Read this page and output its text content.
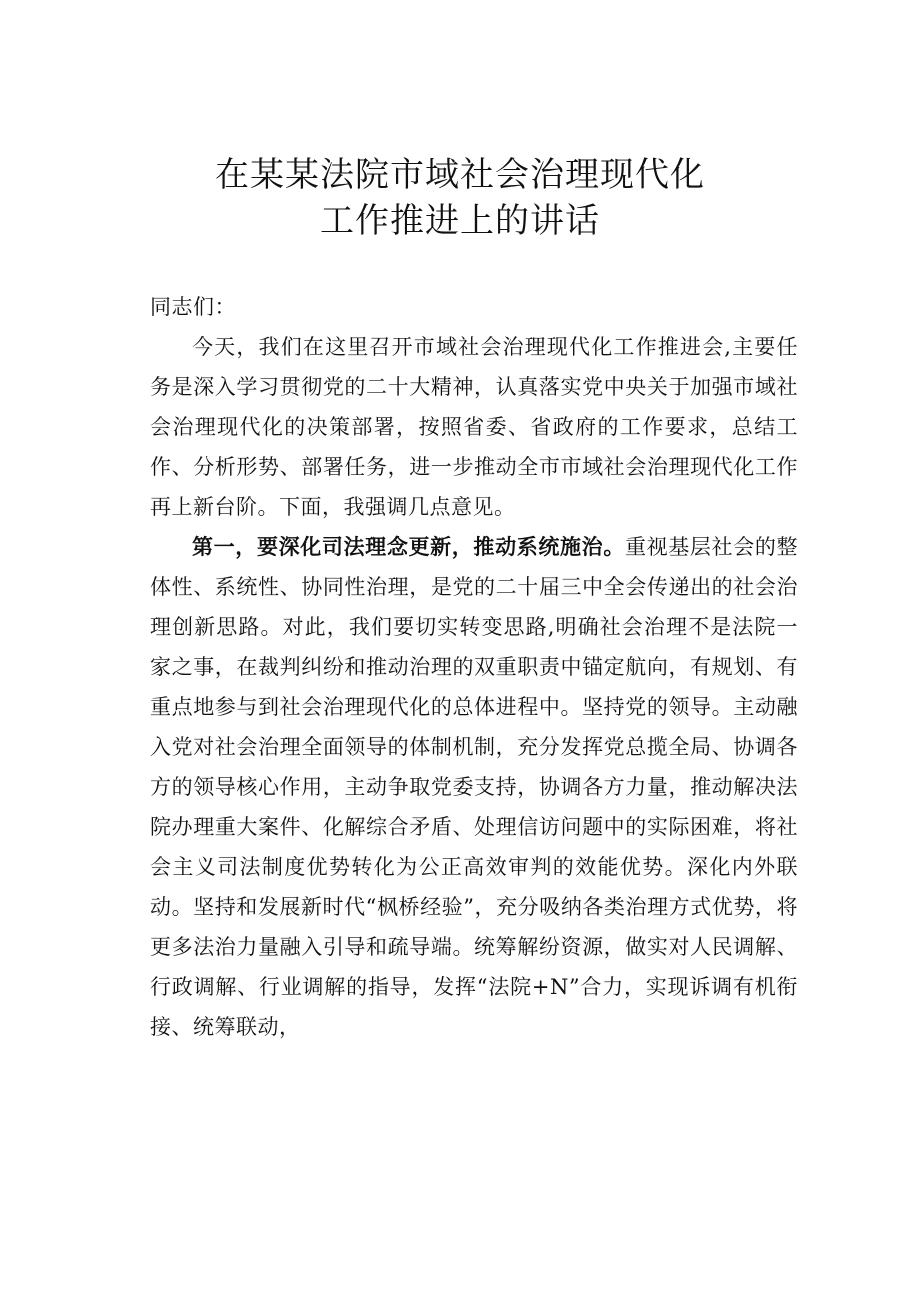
在某某法院市域社会治理现代化
工作推进上的讲话

同志们：

今天，我们在这里召开市域社会治理现代化工作推进会,主要任务是深入学习贯彻党的二十大精神，认真落实党中央关于加强市域社会治理现代化的决策部署，按照省委、省政府的工作要求，总结工作、分析形势、部署任务，进一步推动全市市域社会治理现代化工作再上新台阶。下面，我强调几点意见。

第一，要深化司法理念更新，推动系统施治。重视基层社会的整体性、系统性、协同性治理，是党的二十届三中全会传递出的社会治理创新思路。对此，我们要切实转变思路,明确社会治理不是法院一家之事，在裁判纠纷和推动治理的双重职责中锚定航向，有规划、有重点地参与到社会治理现代化的总体进程中。坚持党的领导。主动融入党对社会治理全面领导的体制机制，充分发挥党总揽全局、协调各方的领导核心作用，主动争取党委支持，协调各方力量，推动解决法院办理重大案件、化解综合矛盾、处理信访问题中的实际困难，将社会主义司法制度优势转化为公正高效审判的效能优势。深化内外联动。坚持和发展新时代“枫桥经验”，充分吸纳各类治理方式优势，将更多法治力量融入引导和疏导端。统筹解纷资源，做实对人民调解、行政调解、行业调解的指导，发挥“法院+N”合力，实现诉调有机衔接、统筹联动，
